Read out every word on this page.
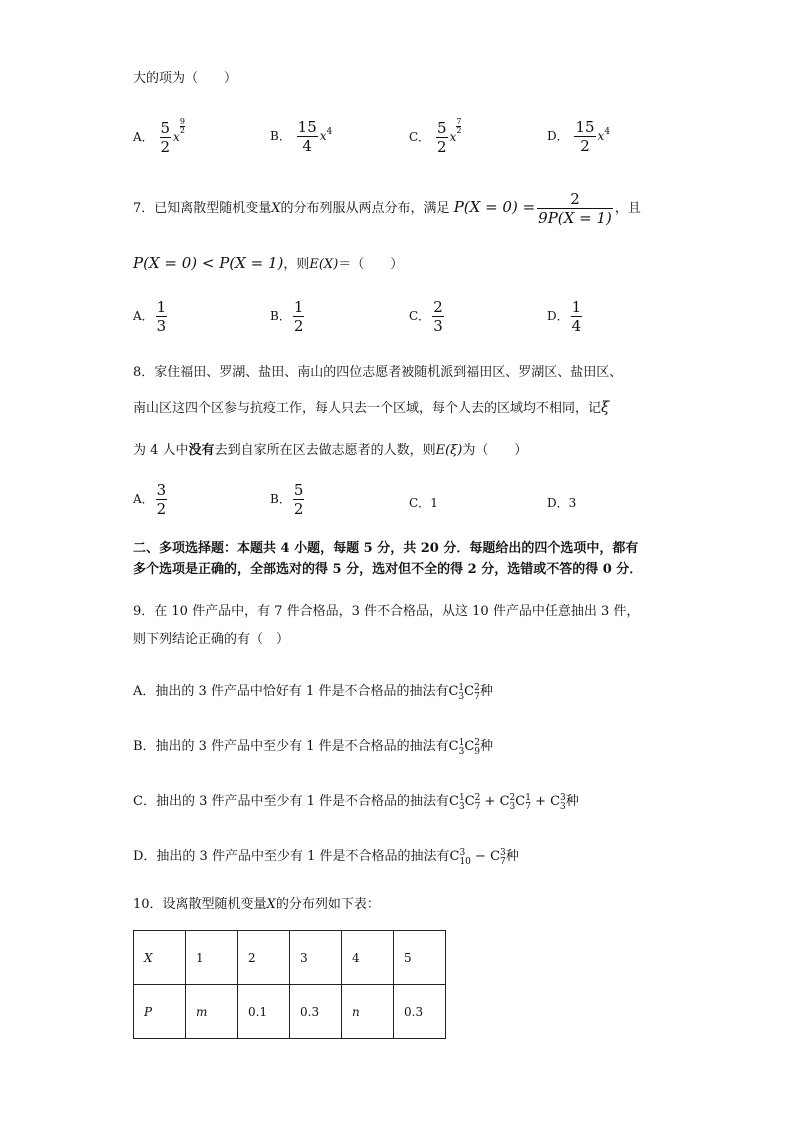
大的项为（　　）
A． $\frac{5}{2}$ x
$\frac{9}{2}$
B． $\frac{15}{4} x^4$	C． $\frac{5}{2}$ x
$\frac{7}{2}$
D． $\frac{15}{2} x^4$
7．已知离散型随机变量X的分布列服从两点分布，满足 $P(X = 0) = \frac{2}{9P(X = 1)}$ ，且
P(X = 0) < P(X = 1)，则E(X)＝（　　）
A． $\frac{1}{3}$	B． $\frac{1}{2}$	C． $\frac{2}{3}$	D． $\frac{1}{4}$
8．家住福田、罗湖、盐田、南山的四位志愿者被随机派到福田区、罗湖区、盐田区、
南山区这四个区参与抗疫工作，每人只去一个区域，每个人去的区域均不相同，记ξ
为 4 人中没有去到自家所在区去做志愿者的人数，则E(ξ)为（　　）
A． $\frac{3}{2}$	B． $\frac{5}{2}$	C．1	D．3
二、多项选择题：本题共 4 小题，每题 5 分，共 20 分．每题给出的四个选项中，都有
多个选项是正确的，全部选对的得 5 分，选对但不全的得 2 分，选错或不答的得 0 分．
9．在 10 件产品中，有 7 件合格品，3 件不合格品，从这 10 件产品中任意抽出 3 件，
则下列结论正确的有（　）
A．抽出的 3 件产品中恰好有 1 件是不合格品的抽法有C 1
3 C 2
7 种
B．抽出的 3 件产品中至少有 1 件是不合格品的抽法有C 1
3 C 2
9 种
C．抽出的 3 件产品中至少有 1 件是不合格品的抽法有C 1
3 C 2
7 + C 2
3 C 1
7 + C 3
3 种
D．抽出的 3 件产品中至少有 1 件是不合格品的抽法有C 3
10 − C 3
7 种
10．设离散型随机变量X的分布列如下表：
X	1	2	3	4	5
P	m	0.1	0.3	n	0.3
